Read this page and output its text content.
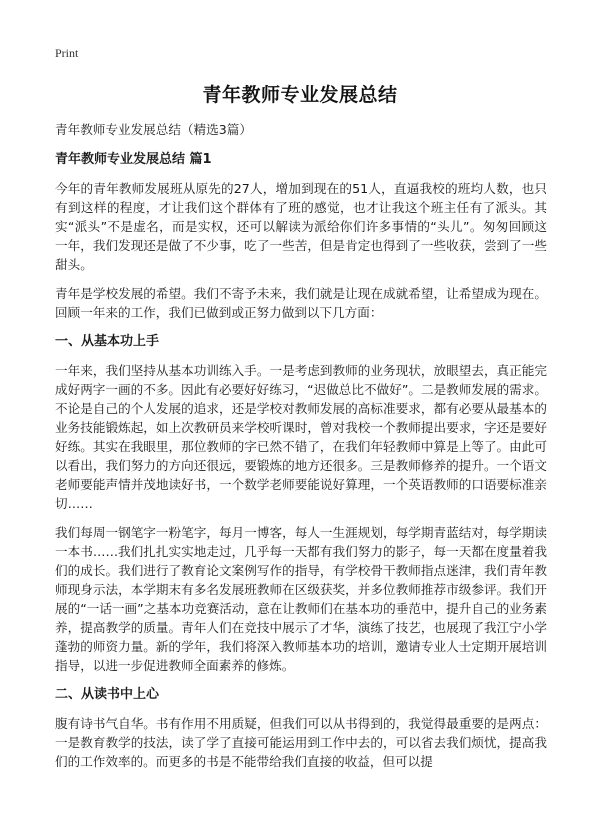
Print
青年教师专业发展总结

青年教师专业发展总结（精选3篇）

青年教师专业发展总结 篇1

今年的青年教师发展班从原先的27人，增加到现在的51人，直逼我校的班均人数，也只有到这样的程度，才让我们这个群体有了班的感觉，也才让我这个班主任有了派头。其实“派头”不是虚名，而是实权，还可以解读为派给你们许多事情的“头儿”。匆匆回顾这一年，我们发现还是做了不少事，吃了一些苦，但是肯定也得到了一些收获，尝到了一些甜头。

青年是学校发展的希望。我们不寄予未来，我们就是让现在成就希望，让希望成为现在。回顾一年来的工作，我们已做到或正努力做到以下几方面：

一、从基本功上手

一年来，我们坚持从基本功训练入手。一是考虑到教师的业务现状，放眼望去，真正能完成好两字一画的不多。因此有必要好好练习，“迟做总比不做好”。二是教师发展的需求。不论是自己的个人发展的追求，还是学校对教师发展的高标准要求，都有必要从最基本的业务技能锻炼起，如上次教研员来学校听课时，曾对我校一个教师提出要求，字还是要好好练。其实在我眼里，那位教师的字已然不错了，在我们年轻教师中算是上等了。由此可以看出，我们努力的方向还很远，要锻炼的地方还很多。三是教师修养的提升。一个语文老师要能声情并茂地读好书，一个数学老师要能说好算理，一个英语教师的口语要标准亲切……

我们每周一钢笔字一粉笔字，每月一博客，每人一生涯规划，每学期青蓝结对，每学期读一本书……我们扎扎实实地走过，几乎每一天都有我们努力的影子，每一天都在度量着我们的成长。我们进行了教育论文案例写作的指导，有学校骨干教师指点迷津，我们青年教师现身示法，本学期末有多名发展班教师在区级获奖，并多位教师推荐市级参评。我们开展的“一话一画”之基本功竞赛活动，意在让教师们在基本功的垂范中，提升自己的业务素养，提高教学的质量。青年人们在竞技中展示了才华，演练了技艺，也展现了我江宁小学蓬勃的师资力量。新的学年，我们将深入教师基本功的培训，邀请专业人士定期开展培训指导，以进一步促进教师全面素养的修炼。

二、从读书中上心

腹有诗书气自华。书有作用不用质疑，但我们可以从书得到的，我觉得最重要的是两点：一是教育教学的技法，读了学了直接可能运用到工作中去的，可以省去我们烦忧，提高我们的工作效率的。而更多的书是不能带给我们直接的收益，但可以提
